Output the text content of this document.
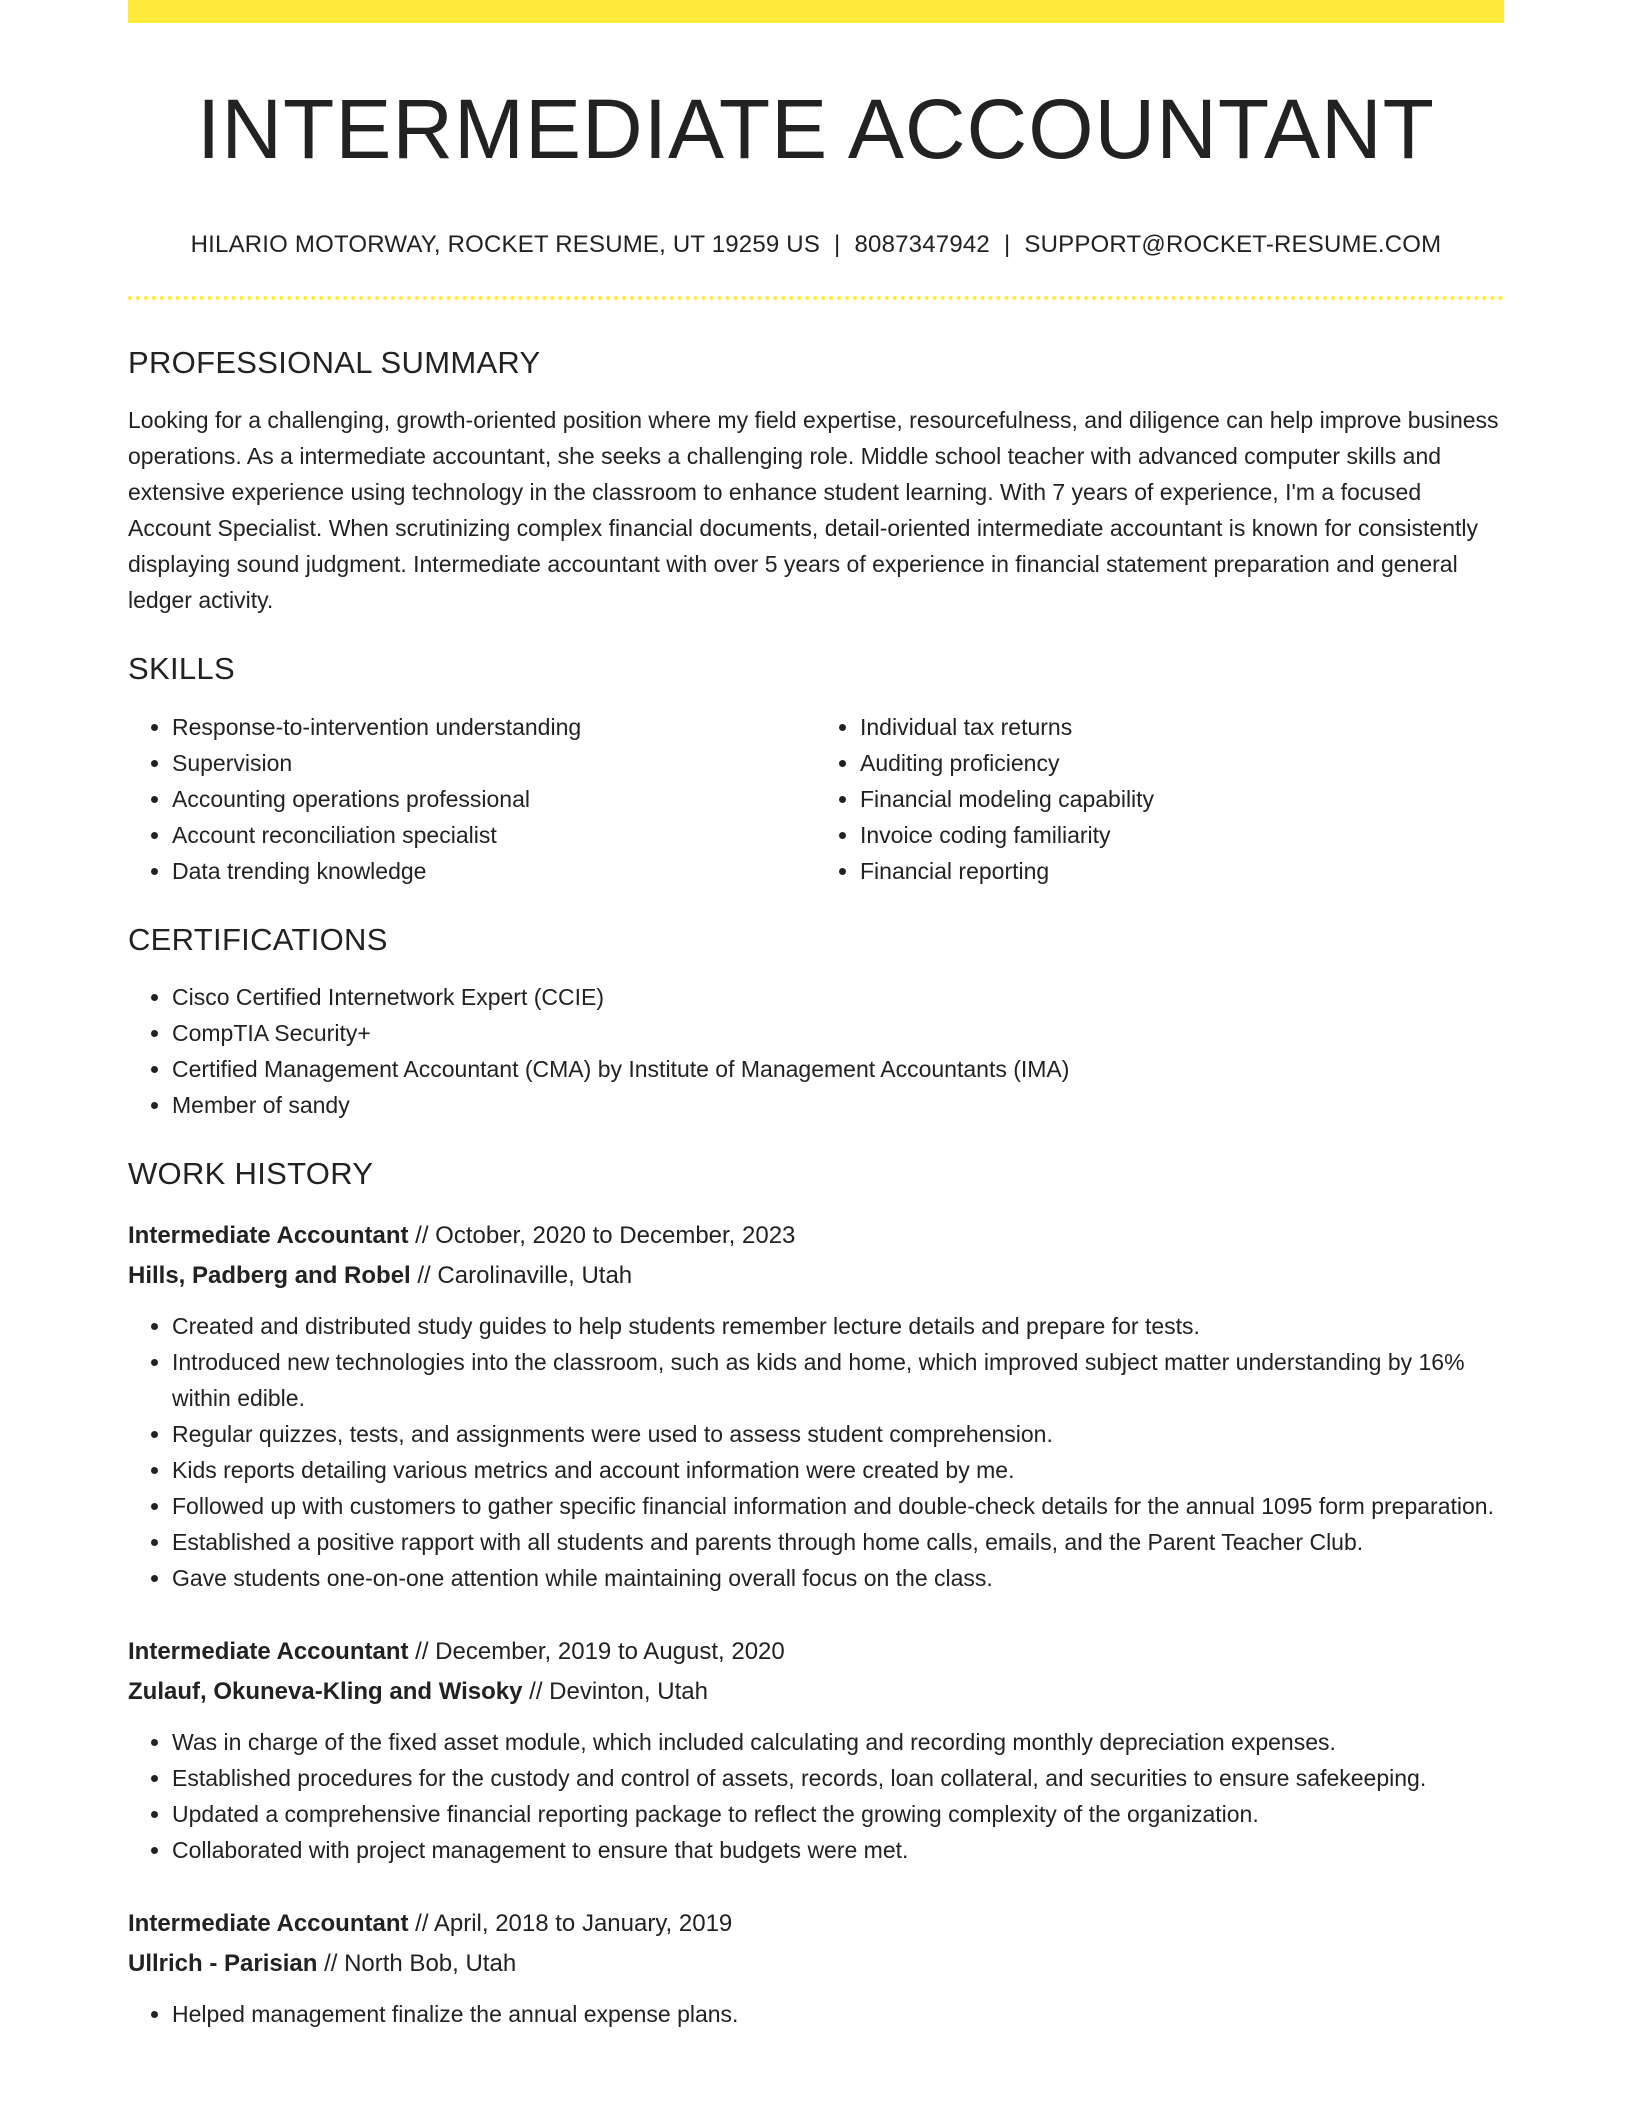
INTERMEDIATE ACCOUNTANT
HILARIO MOTORWAY, ROCKET RESUME, UT 19259 US | 8087347942 | SUPPORT@ROCKET-RESUME.COM
PROFESSIONAL SUMMARY

Looking for a challenging, growth-oriented position where my field expertise, resourcefulness, and diligence can help improve business operations. As a intermediate accountant, she seeks a challenging role. Middle school teacher with advanced computer skills and extensive experience using technology in the classroom to enhance student learning. With 7 years of experience, I'm a focused Account Specialist. When scrutinizing complex financial documents, detail-oriented intermediate accountant is known for consistently displaying sound judgment. Intermediate accountant with over 5 years of experience in financial statement preparation and general ledger activity.

SKILLS
• Response-to-intervention understanding
• Supervision
• Accounting operations professional
• Account reconciliation specialist
• Data trending knowledge
• Individual tax returns
• Auditing proficiency
• Financial modeling capability
• Invoice coding familiarity
• Financial reporting
CERTIFICATIONS
• Cisco Certified Internetwork Expert (CCIE)
• CompTIA Security+
• Certified Management Accountant (CMA) by Institute of Management Accountants (IMA)
• Member of sandy
WORK HISTORY
Intermediate Accountant // October, 2020 to December, 2023
Hills, Padberg and Robel // Carolinaville, Utah
• Created and distributed study guides to help students remember lecture details and prepare for tests.
• Introduced new technologies into the classroom, such as kids and home, which improved subject matter understanding by 16% within edible.
• Regular quizzes, tests, and assignments were used to assess student comprehension.
• Kids reports detailing various metrics and account information were created by me.
• Followed up with customers to gather specific financial information and double-check details for the annual 1095 form preparation.
• Established a positive rapport with all students and parents through home calls, emails, and the Parent Teacher Club.
• Gave students one-on-one attention while maintaining overall focus on the class.
Intermediate Accountant // December, 2019 to August, 2020
Zulauf, Okuneva-Kling and Wisoky // Devinton, Utah
• Was in charge of the fixed asset module, which included calculating and recording monthly depreciation expenses.
• Established procedures for the custody and control of assets, records, loan collateral, and securities to ensure safekeeping.
• Updated a comprehensive financial reporting package to reflect the growing complexity of the organization.
• Collaborated with project management to ensure that budgets were met.
Intermediate Accountant // April, 2018 to January, 2019
Ullrich - Parisian // North Bob, Utah
• Helped management finalize the annual expense plans.
